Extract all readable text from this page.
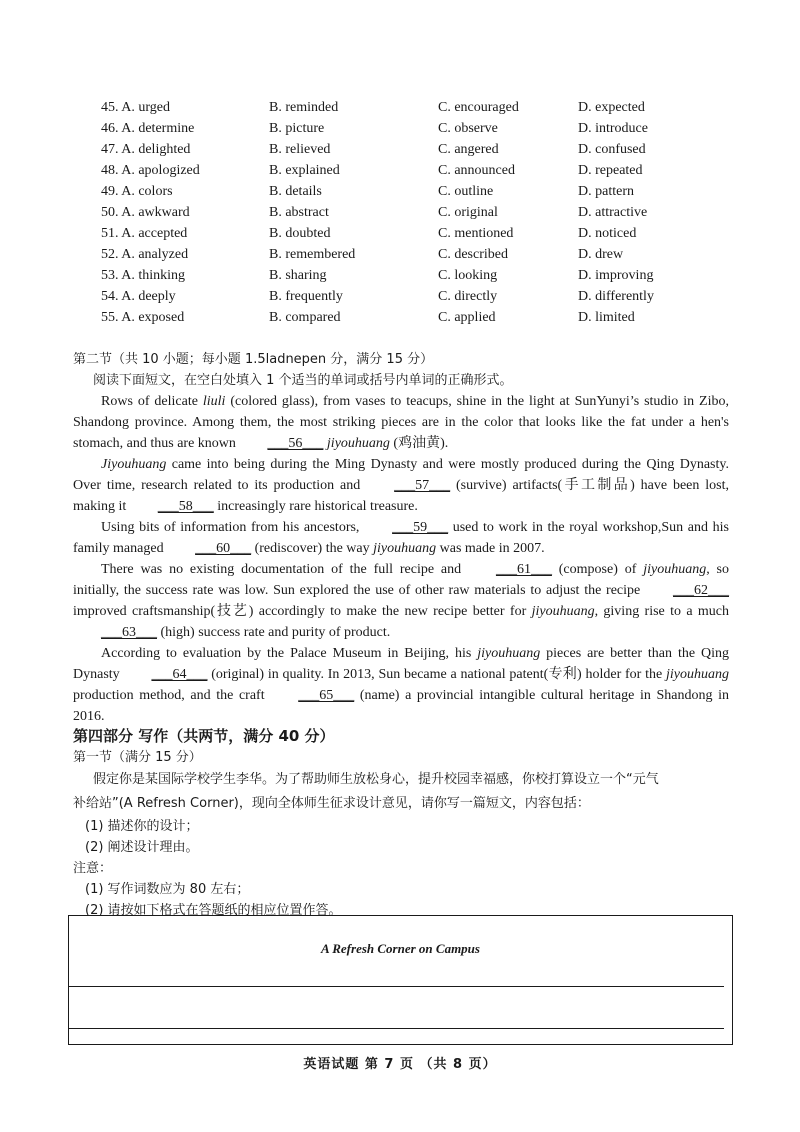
45. A. urged	B. reminded	C. encouraged	D. expected
46. A. determine	B. picture	C. observe	D. introduce
47. A. delighted	B. relieved	C. angered	D. confused
48. A. apologized	B. explained	C. announced	D. repeated
49. A. colors	B. details	C. outline	D. pattern
50. A. awkward	B. abstract	C. original	D. attractive
51. A. accepted	B. doubted	C. mentioned	D. noticed
52. A. analyzed	B. remembered	C. described	D. drew
53. A. thinking	B. sharing	C. looking	D. improving
54. A. deeply	B. frequently	C. directly	D. differently
55. A. exposed	B. compared	C. applied	D. limited
第二节（共 10 小题；每小题 1.5ladnepen 分，满分 15 分）
阅读下面短文，在空白处填入 1 个适当的单词或括号内单词的正确形式。

Rows of delicate liuli (colored glass), from vases to teacups, shine in the light at SunYunyi’s studio in Zibo, Shandong province. Among them, the most striking pieces are in the color that looks like the fat under a hen's stomach, and thus are known ___56___ jiyouhuang (鸡油黄).

Jiyouhuang came into being during the Ming Dynasty and were mostly produced during the Qing Dynasty. Over time, research related to its production and ___57___ (survive) artifacts(手工制品) have been lost, making it ___58___ increasingly rare historical treasure.

Using bits of information from his ancestors, ___59___ used to work in the royal workshop,Sun and his family managed ___60___ (rediscover) the way jiyouhuang was made in 2007.

There was no existing documentation of the full recipe and ___61___ (compose) of jiyouhuang, so initially, the success rate was low. Sun explored the use of other raw materials to adjust the recipe ___62___ improved craftsmanship(技艺) accordingly to make the new recipe better for jiyouhuang, giving rise to a much ___63___ (high) success rate and purity of product.

According to evaluation by the Palace Museum in Beijing, his jiyouhuang pieces are better than the Qing Dynasty ___64___ (original) in quality. In 2013, Sun became a national patent(专利) holder for the jiyouhuang production method, and the craft ___65___ (name) a provincial intangible cultural heritage in Shandong in 2016.

第四部分 写作（共两节，满分 40 分）
第一节（满分 15 分）
假定你是某国际学校学生李华。为了帮助师生放松身心，提升校园幸福感，你校打算设立一个“元气
补给站”(A Refresh Corner)，现向全体师生征求设计意见，请你写一篇短文，内容包括：
(1) 描述你的设计；
(2) 阐述设计理由。
注意：
(1) 写作词数应为 80 左右；
(2) 请按如下格式在答题纸的相应位置作答。
A Refresh Corner on Campus
英语试题 第 7 页 （共 8 页）
